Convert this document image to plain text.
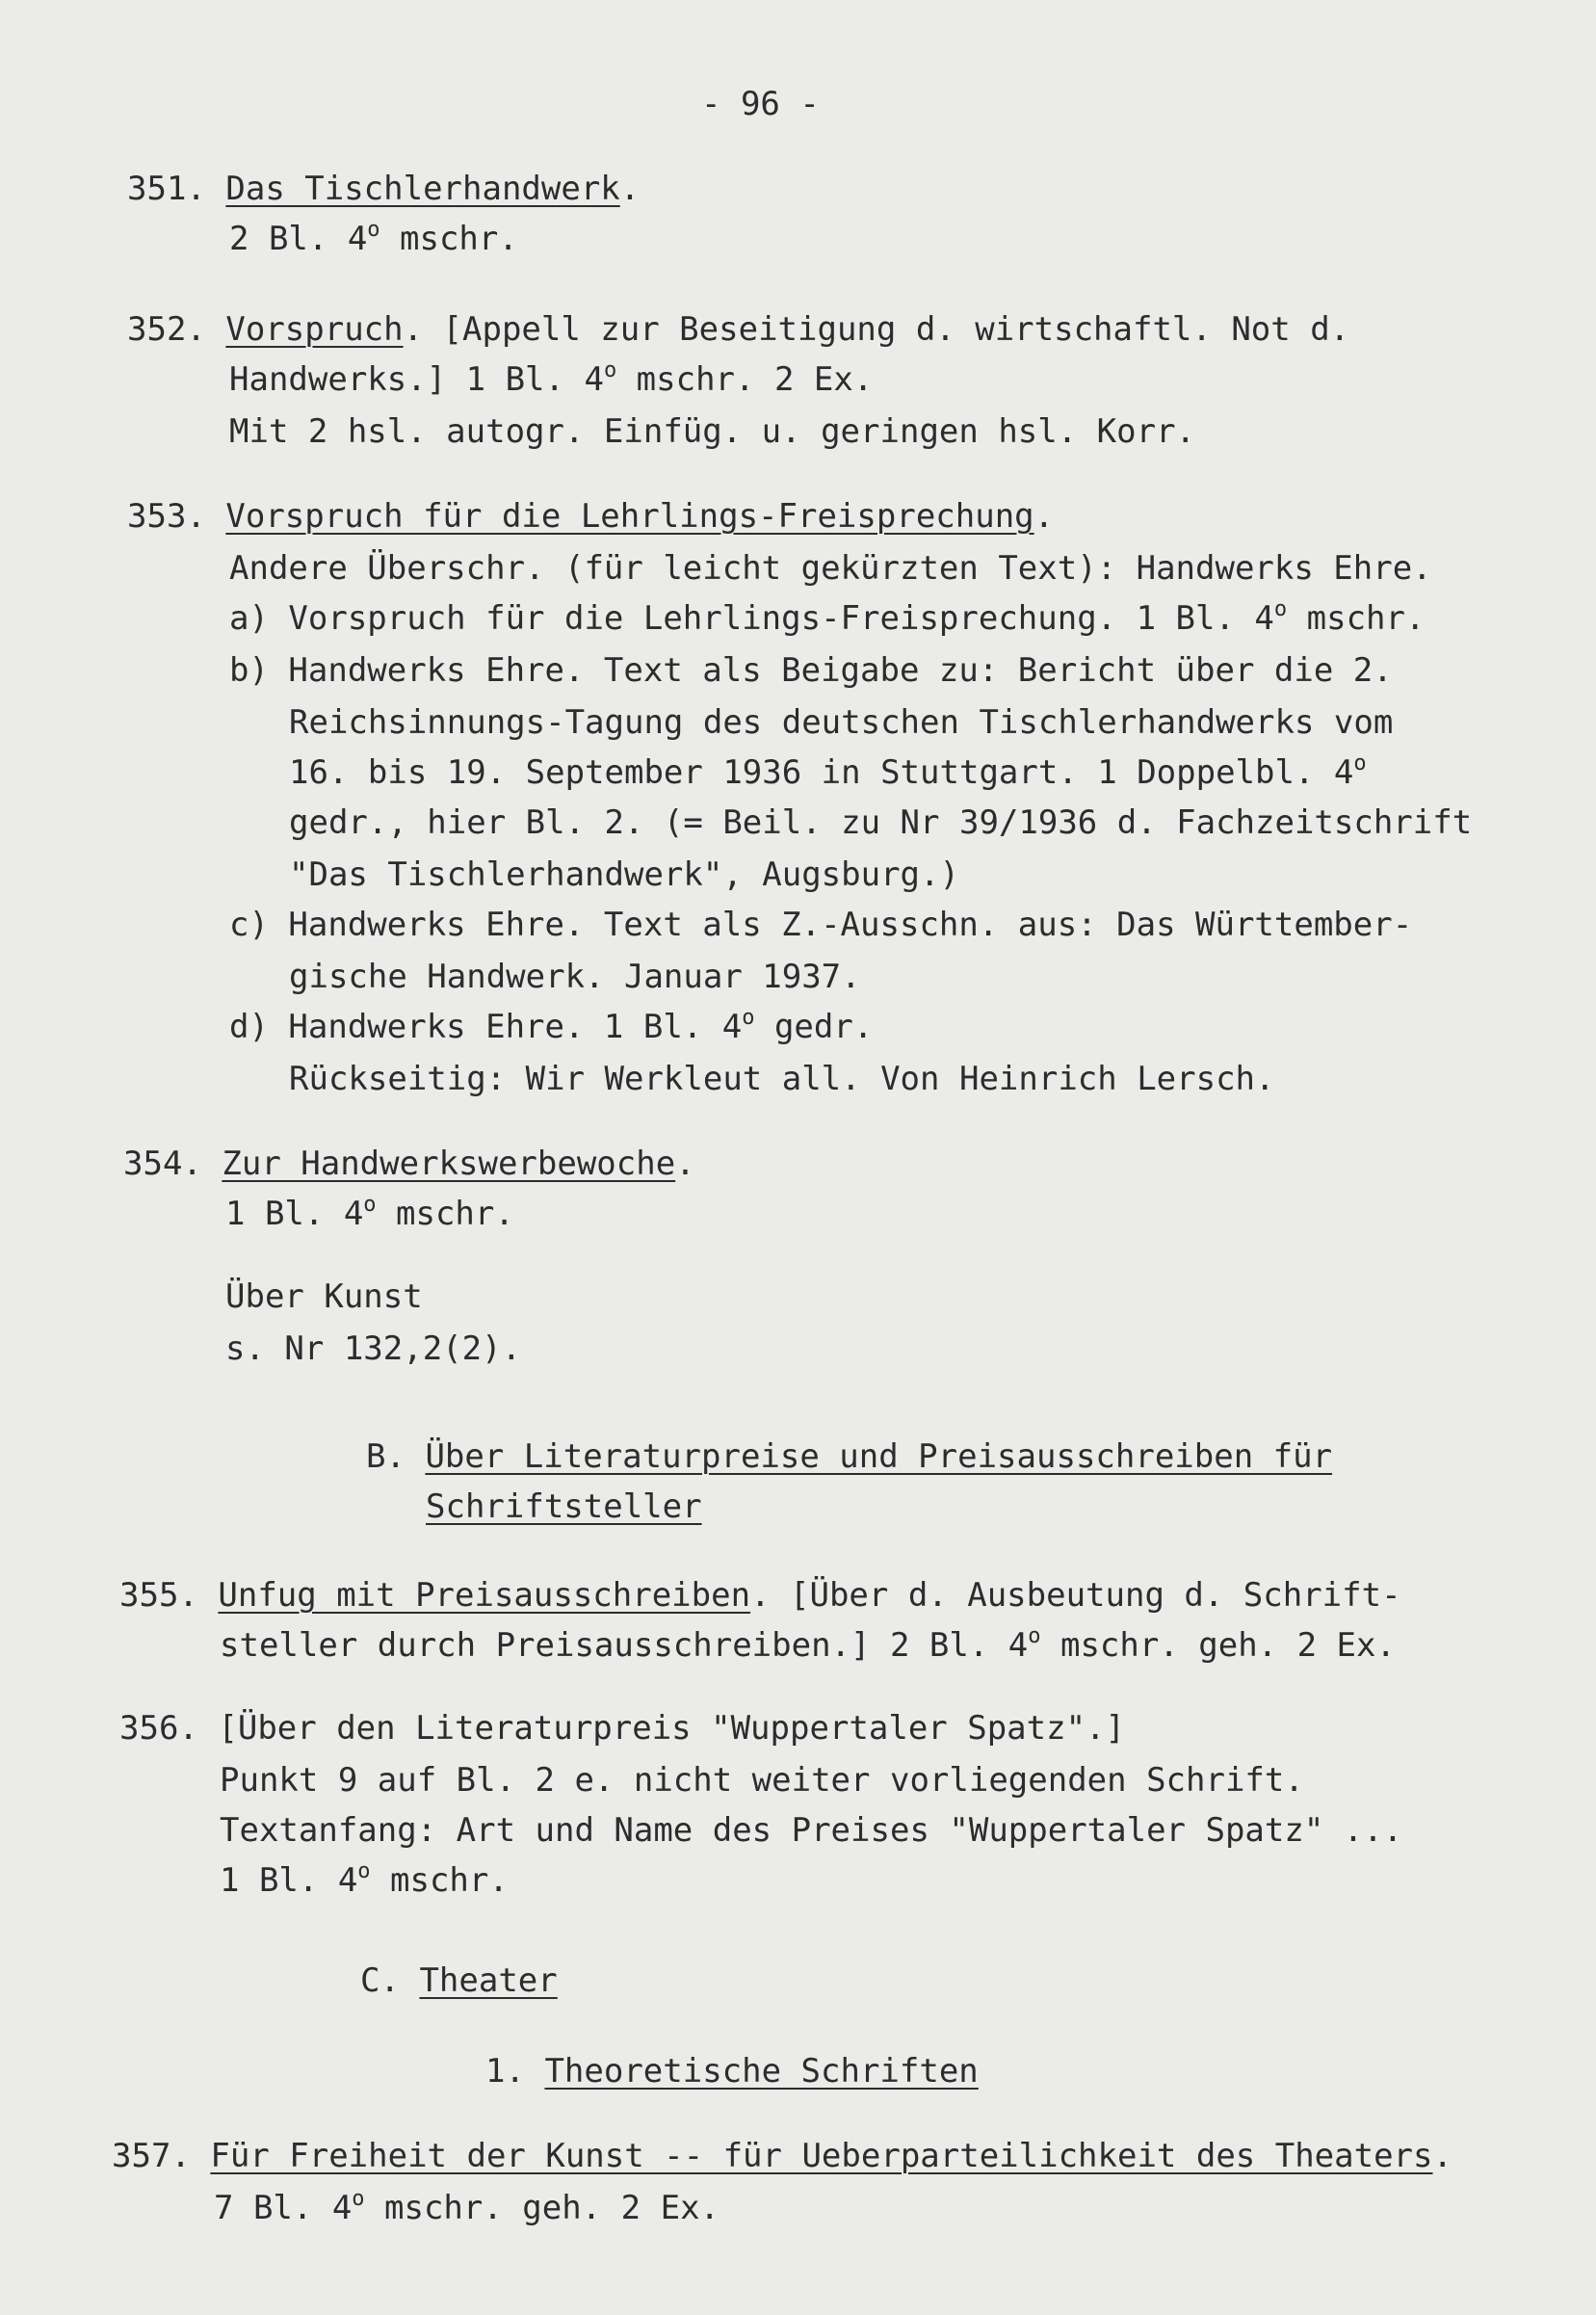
- 96 -
351. Das Tischlerhandwerk.
2 Bl. 4$^o$ mschr.
352. Vorspruch. [Appell zur Beseitigung d. wirtschaftl. Not d.
Handwerks.] 1 Bl. 4$^o$ mschr. 2 Ex.
Mit 2 hsl. autogr. Einfüg. u. geringen hsl. Korr.
353. Vorspruch für die Lehrlings-Freisprechung.
Andere Überschr. (für leicht gekürzten Text): Handwerks Ehre.
a) Vorspruch für die Lehrlings-Freisprechung. 1 Bl. 4$^o$ mschr.
b) Handwerks Ehre. Text als Beigabe zu: Bericht über die 2.
Reichsinnungs-Tagung des deutschen Tischlerhandwerks vom
16. bis 19. September 1936 in Stuttgart. 1 Doppelbl. 4$^o$
gedr., hier Bl. 2. (= Beil. zu Nr 39/1936 d. Fachzeitschrift
"Das Tischlerhandwerk", Augsburg.)
c) Handwerks Ehre. Text als Z.-Ausschn. aus: Das Württember-
gische Handwerk. Januar 1937.
d) Handwerks Ehre. 1 Bl. 4$^o$ gedr.
Rückseitig: Wir Werkleut all. Von Heinrich Lersch.
354. Zur Handwerkswerbewoche.
1 Bl. 4$^o$ mschr.
Über Kunst
s. Nr 132,2(2).
B. Über Literaturpreise und Preisausschreiben für
Schriftsteller
355. Unfug mit Preisausschreiben. [Über d. Ausbeutung d. Schrift-
steller durch Preisausschreiben.] 2 Bl. 4$^o$ mschr. geh. 2 Ex.
356. [Über den Literaturpreis "Wuppertaler Spatz".]
Punkt 9 auf Bl. 2 e. nicht weiter vorliegenden Schrift.
Textanfang: Art und Name des Preises "Wuppertaler Spatz" ...
1 Bl. 4$^o$ mschr.
C. Theater
1. Theoretische Schriften
357. Für Freiheit der Kunst -- für Ueberparteilichkeit des Theaters.
7 Bl. 4$^o$ mschr. geh. 2 Ex.
